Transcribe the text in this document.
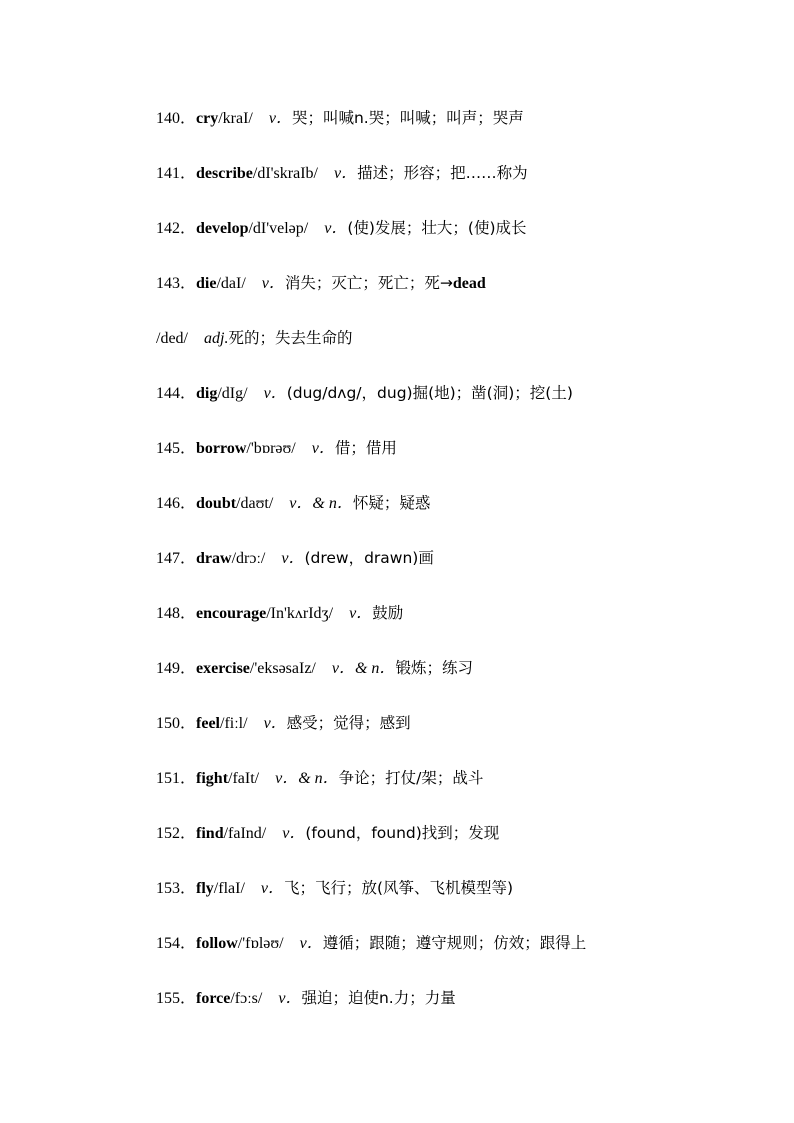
140．cry/kraI/ v．哭；叫喊n.哭；叫喊；叫声；哭声
141．describe/dI'skraIb/ v．描述；形容；把……称为
142．develop/dI'veləp/ v．(使)发展；壮大；(使)成长
143．die/daI/ v．消失；灭亡；死亡；死→dead
/ded/ adj.死的；失去生命的
144．dig/dIg/ v．(dug/dʌg/，dug)掘(地)；凿(洞)；挖(土)
145．borrow/'bɒrəʊ/ v．借；借用
146．doubt/daʊt/ v．& n．怀疑；疑惑
147．draw/drɔː/ v．(drew，drawn)画
148．encourage/In'kʌrIdʒ/ v．鼓励
149．exercise/'eksəsaIz/ v．& n．锻炼；练习
150．feel/fiːl/ v．感受；觉得；感到
151．fight/faIt/ v．& n．争论；打仗/架；战斗
152．find/faInd/ v．(found，found)找到；发现
153．fly/flaI/ v．飞；飞行；放(风筝、飞机模型等)
154．follow/'fɒləʊ/ v．遵循；跟随；遵守规则；仿效；跟得上
155．force/fɔːs/ v．强迫；迫使n.力；力量
